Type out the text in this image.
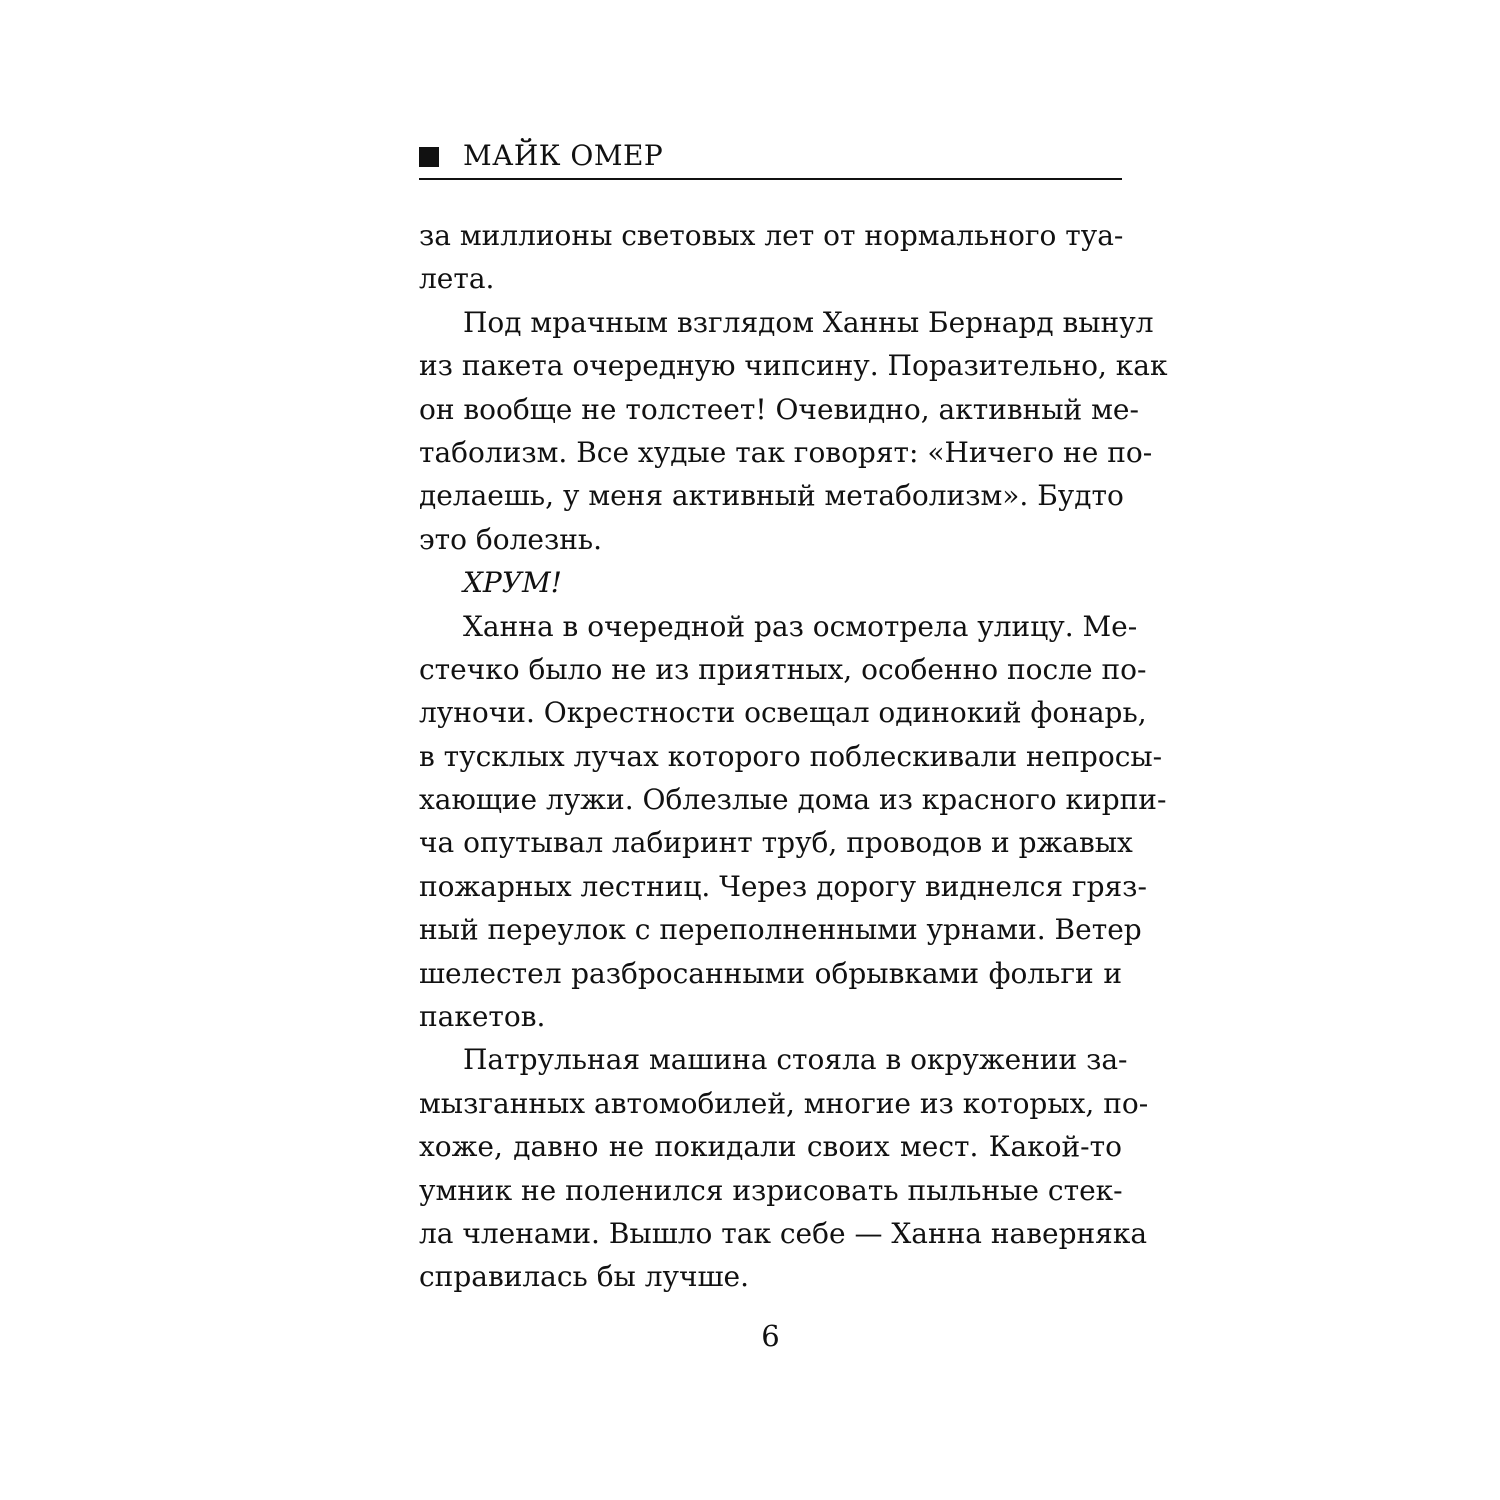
МАЙК ОМЕР
за миллионы световых лет от нормального туа-
лета.
Под мрачным взглядом Ханны Бернард вынул
из пакета очередную чипсину. Поразительно, как
он вообще не толстеет! Очевидно, активный ме-
таболизм. Все худые так говорят: «Ничего не по-
делаешь, у меня активный метаболизм». Будто
это болезнь.
ХРУМ!
Ханна в очередной раз осмотрела улицу. Ме-
стечко было не из приятных, особенно после по-
луночи. Окрестности освещал одинокий фонарь,
в тусклых лучах которого поблескивали непросы-
хающие лужи. Облезлые дома из красного кирпи-
ча опутывал лабиринт труб, проводов и ржавых
пожарных лестниц. Через дорогу виднелся гряз-
ный переулок с переполненными урнами. Ветер
шелестел разбросанными обрывками фольги и
пакетов.
Патрульная машина стояла в окружении за-
мызганных автомобилей, многие из которых, по-
хоже, давно не покидали своих мест. Какой-то
умник не поленился изрисовать пыльные стек-
ла членами. Вышло так себе — Ханна наверняка
справилась бы лучше.
6
